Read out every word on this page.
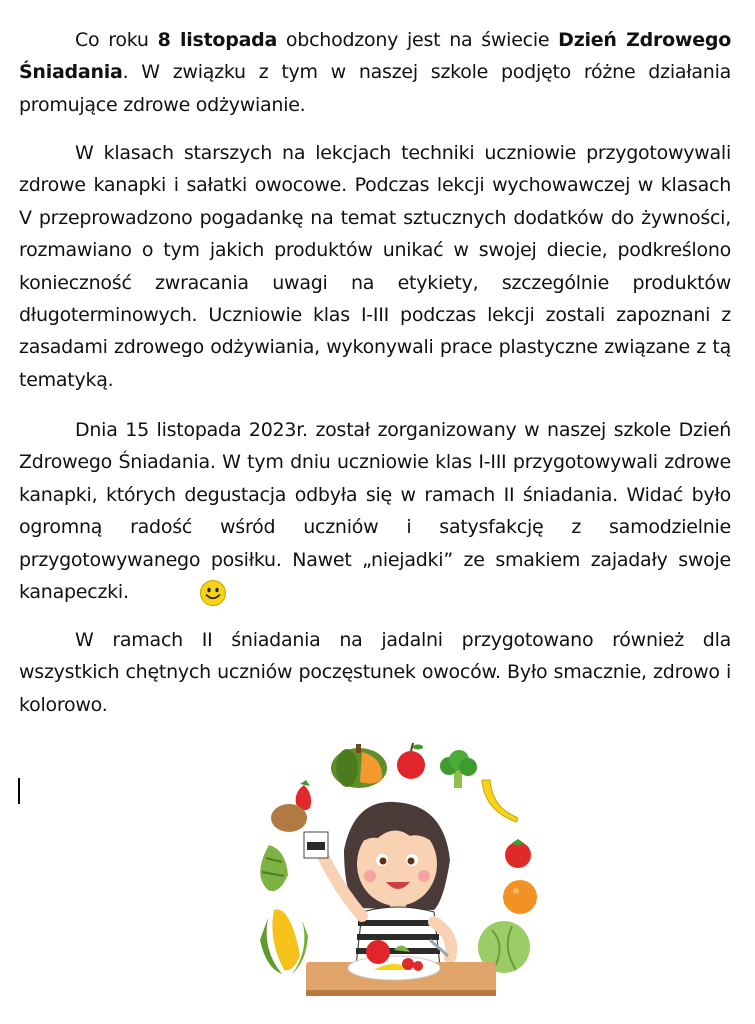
Co roku 8 listopada obchodzony jest na świecie Dzień Zdrowego Śniadania. W związku z tym w naszej szkole podjęto różne działania promujące zdrowe odżywianie.

W klasach starszych na lekcjach techniki uczniowie przygotowywali zdrowe kanapki i sałatki owocowe. Podczas lekcji wychowawczej w klasach V przeprowadzono pogadankę na temat sztucznych dodatków do żywności, rozmawiano o tym jakich produktów unikać w swojej diecie, podkreślono konieczność zwracania uwagi na etykiety, szczególnie produktów długoterminowych. Uczniowie klas I-III podczas lekcji zostali zapoznani z zasadami zdrowego odżywiania, wykonywali prace plastyczne związane z tą tematyką.

Dnia 15 listopada 2023r. został zorganizowany w naszej szkole Dzień Zdrowego Śniadania. W tym dniu uczniowie klas I-III przygotowywali zdrowe kanapki, których degustacja odbyła się w ramach II śniadania. Widać było ogromną radość wśród uczniów i satysfakcję z samodzielnie przygotowywanego posiłku. Nawet „niejadki” ze smakiem zajadały swoje kanapeczki.

W ramach II śniadania na jadalni przygotowano również dla wszystkich chętnych uczniów poczęstunek owoców. Było smacznie, zdrowo i kolorowo.
